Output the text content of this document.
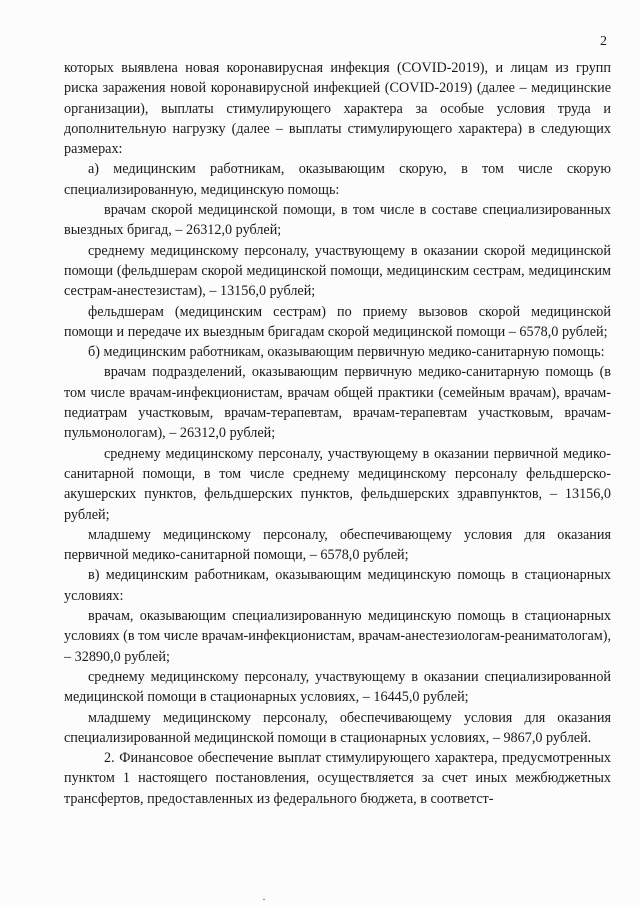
2

которых выявлена новая коронавирусная инфекция (COVID-2019), и лицам из групп риска заражения новой коронавирусной инфекцией (COVID-2019) (далее – медицинские организации), выплаты стимулирующего характера за особые условия труда и дополнительную нагрузку (далее – выплаты стимулирующего характера) в следующих размерах:

а) медицинским работникам, оказывающим скорую, в том числе скорую специализированную, медицинскую помощь:

врачам скорой медицинской помощи, в том числе в составе специализированных выездных бригад, – 26312,0 рублей;

среднему медицинскому персоналу, участвующему в оказании скорой медицинской помощи (фельдшерам скорой медицинской помощи, медицинским сестрам, медицинским сестрам-анестезистам), – 13156,0 рублей;

фельдшерам (медицинским сестрам) по приему вызовов скорой медицинской помощи и передаче их выездным бригадам скорой медицинской помощи – 6578,0 рублей;

б) медицинским работникам, оказывающим первичную медико-санитарную помощь:

врачам подразделений, оказывающим первичную медико-санитарную помощь (в том числе врачам-инфекционистам, врачам общей практики (семейным врачам), врачам-педиатрам участковым, врачам-терапевтам, врачам-терапевтам участковым, врачам-пульмонологам), – 26312,0 рублей;

среднему медицинскому персоналу, участвующему в оказании первичной медико-санитарной помощи, в том числе среднему медицинскому персоналу фельдшерско-акушерских пунктов, фельдшерских пунктов, фельдшерских здравпунктов, – 13156,0 рублей;

младшему медицинскому персоналу, обеспечивающему условия для оказания первичной медико-санитарной помощи, – 6578,0 рублей;

в) медицинским работникам, оказывающим медицинскую помощь в стационарных условиях:

врачам, оказывающим специализированную медицинскую помощь в стационарных условиях (в том числе врачам-инфекционистам, врачам-анестезиологам-реаниматологам), – 32890,0 рублей;

среднему медицинскому персоналу, участвующему в оказании специализированной медицинской помощи в стационарных условиях, – 16445,0 рублей;

младшему медицинскому персоналу, обеспечивающему условия для оказания специализированной медицинской помощи в стационарных условиях, – 9867,0 рублей.

2. Финансовое обеспечение выплат стимулирующего характера, предусмотренных пунктом 1 настоящего постановления, осуществляется за счет иных межбюджетных трансфертов, предоставленных из федерального бюджета, в соответст-
